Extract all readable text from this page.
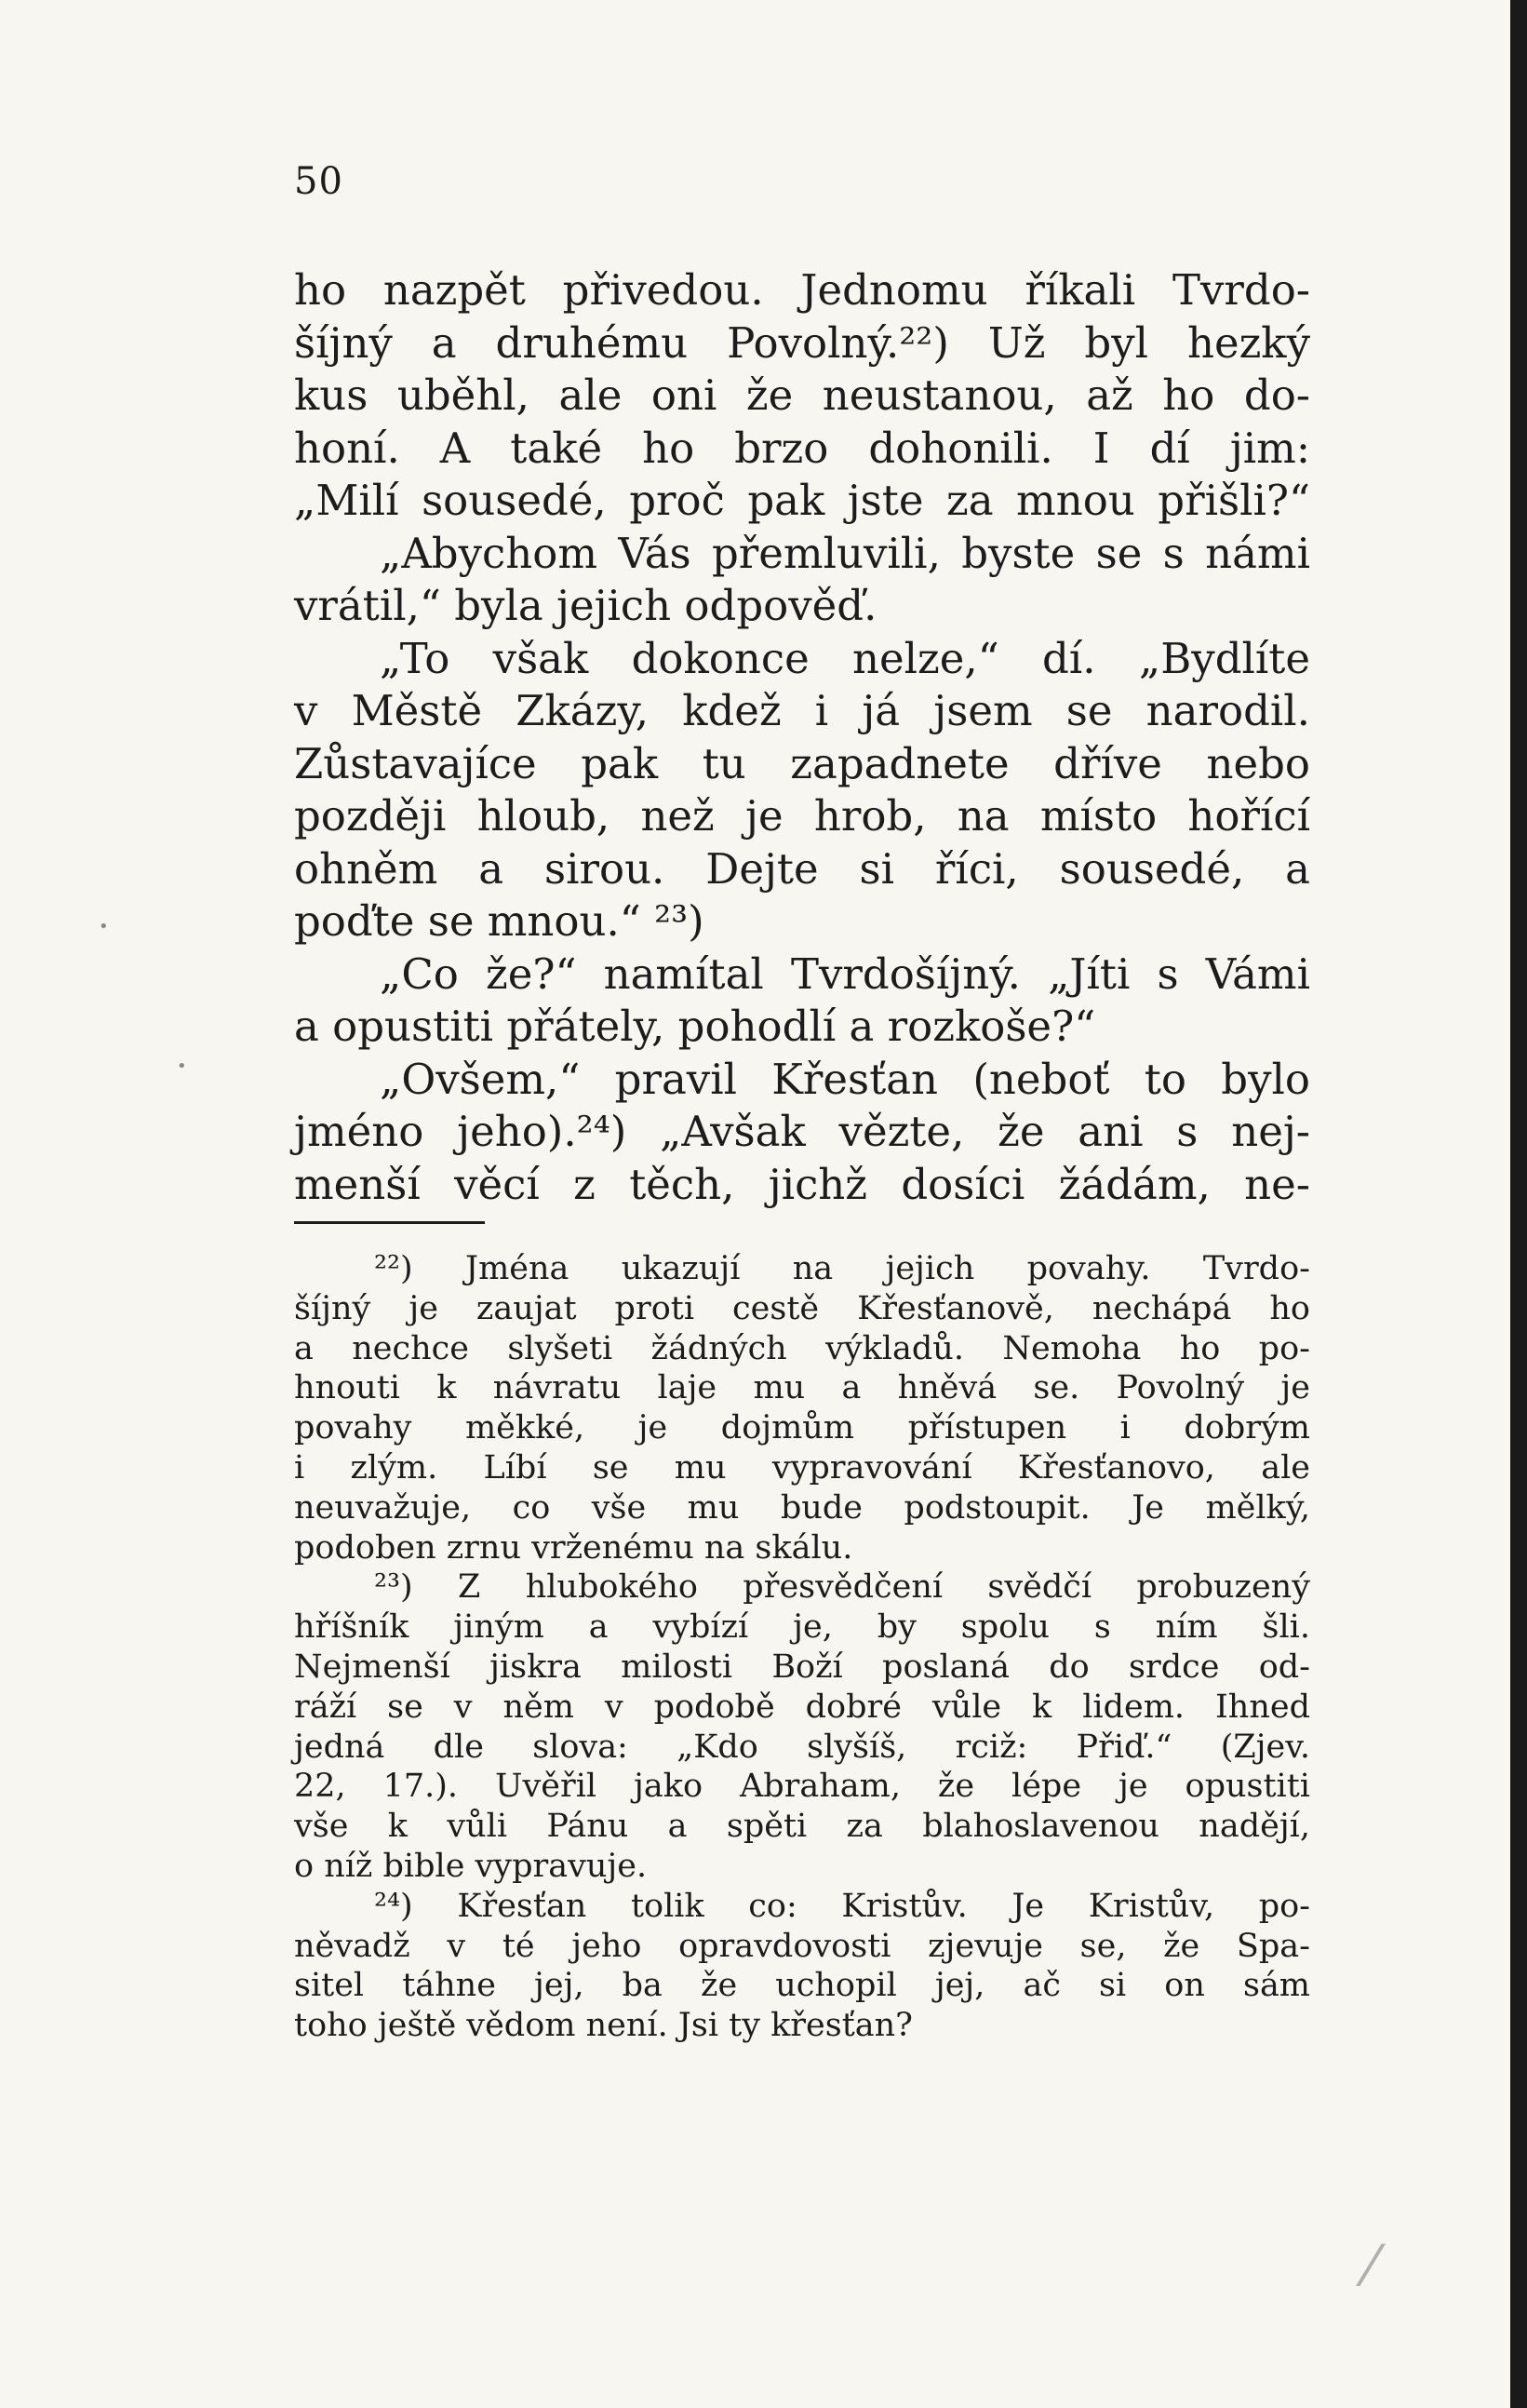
50
ho nazpět přivedou. Jednomu říkali Tvrdo-
šíjný a druhému Povolný.²²) Už byl hezký
kus uběhl, ale oni že neustanou, až ho do-
honí. A také ho brzo dohonili. I dí jim:
„Milí sousedé, proč pak jste za mnou přišli?“
„Abychom Vás přemluvili, byste se s námi
vrátil,“ byla jejich odpověď.
„To však dokonce nelze,“ dí. „Bydlíte
v Městě Zkázy, kdež i já jsem se narodil.
Zůstavajíce pak tu zapadnete dříve nebo
později hloub, než je hrob, na místo hořící
ohněm a sirou. Dejte si říci, sousedé, a
poďte se mnou.“ ²³)
„Co že?“ namítal Tvrdošíjný. „Jíti s Vámi
a opustiti přátely, pohodlí a rozkoše?“
„Ovšem,“ pravil Křesťan (neboť to bylo
jméno jeho).²⁴) „Avšak vězte, že ani s nej-
menší věcí z těch, jichž dosíci žádám, ne-
²²) Jména ukazují na jejich povahy. Tvrdo-
šíjný je zaujat proti cestě Křesťanově, nechápá ho
a nechce slyšeti žádných výkladů. Nemoha ho po-
hnouti k návratu laje mu a hněvá se. Povolný je
povahy měkké, je dojmům přístupen i dobrým
i zlým. Líbí se mu vypravování Křesťanovo, ale
neuvažuje, co vše mu bude podstoupit. Je mělký,
podoben zrnu vrženému na skálu.
²³) Z hlubokého přesvědčení svědčí probuzený
hříšník jiným a vybízí je, by spolu s ním šli.
Nejmenší jiskra milosti Boží poslaná do srdce od-
ráží se v něm v podobě dobré vůle k lidem. Ihned
jedná dle slova: „Kdo slyšíš, rciž: Přiď.“ (Zjev.
22, 17.). Uvěřil jako Abraham, že lépe je opustiti
vše k vůli Pánu a spěti za blahoslavenou nadějí,
o níž bible vypravuje.
²⁴) Křesťan tolik co: Kristův. Je Kristův, po-
něvadž v té jeho opravdovosti zjevuje se, že Spa-
sitel táhne jej, ba že uchopil jej, ač si on sám
toho ještě vědom není. Jsi ty křesťan?
•
•
⁄
